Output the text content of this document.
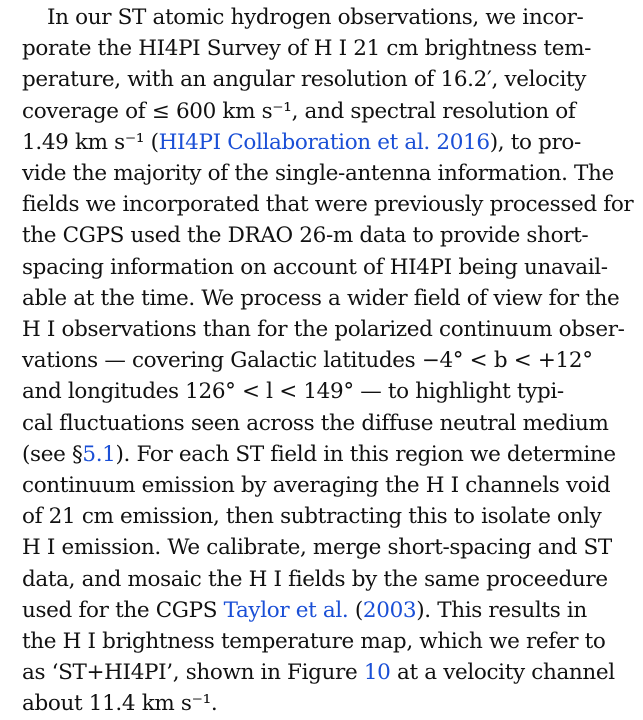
In our ST atomic hydrogen observations, we incor-
porate the HI4PI Survey of H I 21 cm brightness tem-
perature, with an angular resolution of 16.2′, velocity
coverage of ≤ 600 km s⁻¹, and spectral resolution of
1.49 km s⁻¹ (HI4PI Collaboration et al. 2016), to pro-
vide the majority of the single-antenna information. The
fields we incorporated that were previously processed for
the CGPS used the DRAO 26-m data to provide short-
spacing information on account of HI4PI being unavail-
able at the time. We process a wider field of view for the
H I observations than for the polarized continuum obser-
vations — covering Galactic latitudes −4° < b < +12°
and longitudes 126° < l < 149° — to highlight typi-
cal fluctuations seen across the diffuse neutral medium
(see §5.1). For each ST field in this region we determine
continuum emission by averaging the H I channels void
of 21 cm emission, then subtracting this to isolate only
H I emission. We calibrate, merge short-spacing and ST
data, and mosaic the H I fields by the same proceedure
used for the CGPS Taylor et al. (2003). This results in
the H I brightness temperature map, which we refer to
as ‘ST+HI4PI’, shown in Figure 10 at a velocity channel
about 11.4 km s⁻¹.
